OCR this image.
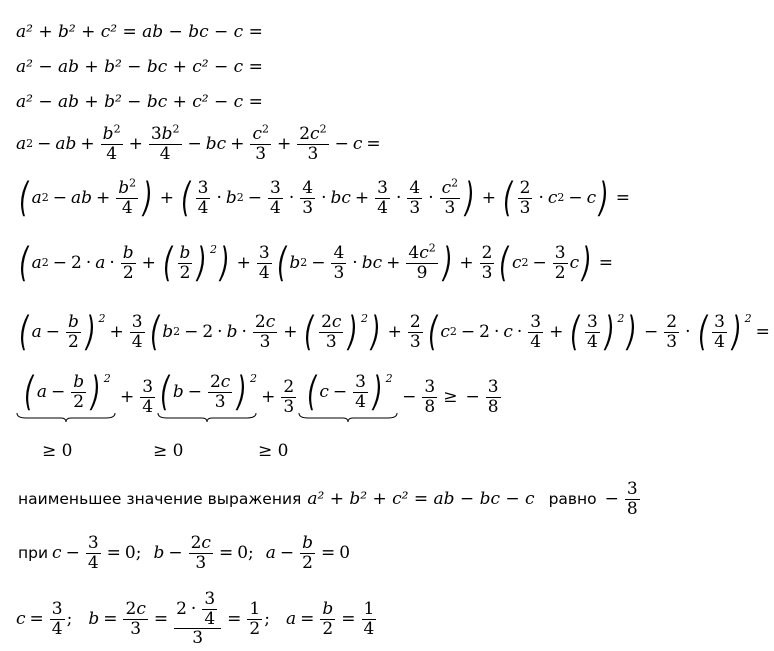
a² + b² + c² = ab − bc − c =
a² − ab + b² − bc + c² − c =
a² − ab + b² − bc + c² − c =
a 2 − ab + $\frac{b^2}{4} + \frac{3b^2}{4}$ − bc + $\frac{c^2}{3} + \frac{2c^2}{3} - c$ =
( a 2 − ab + $\frac{b^2}{4}$ ) + ( $\frac{3}{4} \cdot b$ $2 - \frac{3}{4} \cdot \frac{4}{3}$ · bc + $\frac{3}{4} \cdot \frac{4}{3} \cdot \frac{c^2}{3}$ ) + ( $\frac{2}{3} \cdot c$ 2 − c ) =
( a $2 - 2 \cdot a \cdot \frac{b}{2}$ + ( $\frac{b}{2}$ ) 2 ) + $\frac{3}{4}$ ( b $2 - \frac{4}{3}$ · bc + $\frac{4c^2}{9}$ ) + $\frac{2}{3}$ ( c $2 - \frac{3}{2}$ c ) =
( $a - \frac{b}{2}$ ) 2
+ $\frac{3}{4}$ ( b $2 - 2 \cdot b \cdot \frac{2c}{3}$ + ( $\frac{2c}{3}$ ) 2 ) + $\frac{2}{3}$ ( c $2 - 2 \cdot c \cdot \frac{3}{4}$ + ( $\frac{3}{4}$ ) 2 ) − $\frac{2}{3}$ · ( $\frac{3}{4}$ ) 2
=
( $a - \frac{b}{2}$ ) 2
+ $\frac{3}{4}$ ( $b - \frac{2c}{3}$ ) 2
+ $\frac{2}{3}$ ( $c - \frac{3}{4}$ ) 2
− $\frac{3}{8}$ ≥ − $\frac{3}{8}$
≥ 0	≥ 0	≥ 0
наименьшее значение выражения a² + b² + c² = ab − bc − c равно − $\frac{3}{8}$
при $c - \frac{3}{4} = 0$; $b - \frac{2c}{3} = 0$; $a - \frac{b}{2} = 0$
$c = \frac{3}{4}$ ; $b = \frac{2c}{3} = \frac{2 \cdot \frac{3}{4}}{3} = \frac{1}{2}$ ; $a = \frac{b}{2} = \frac{1}{4}$
